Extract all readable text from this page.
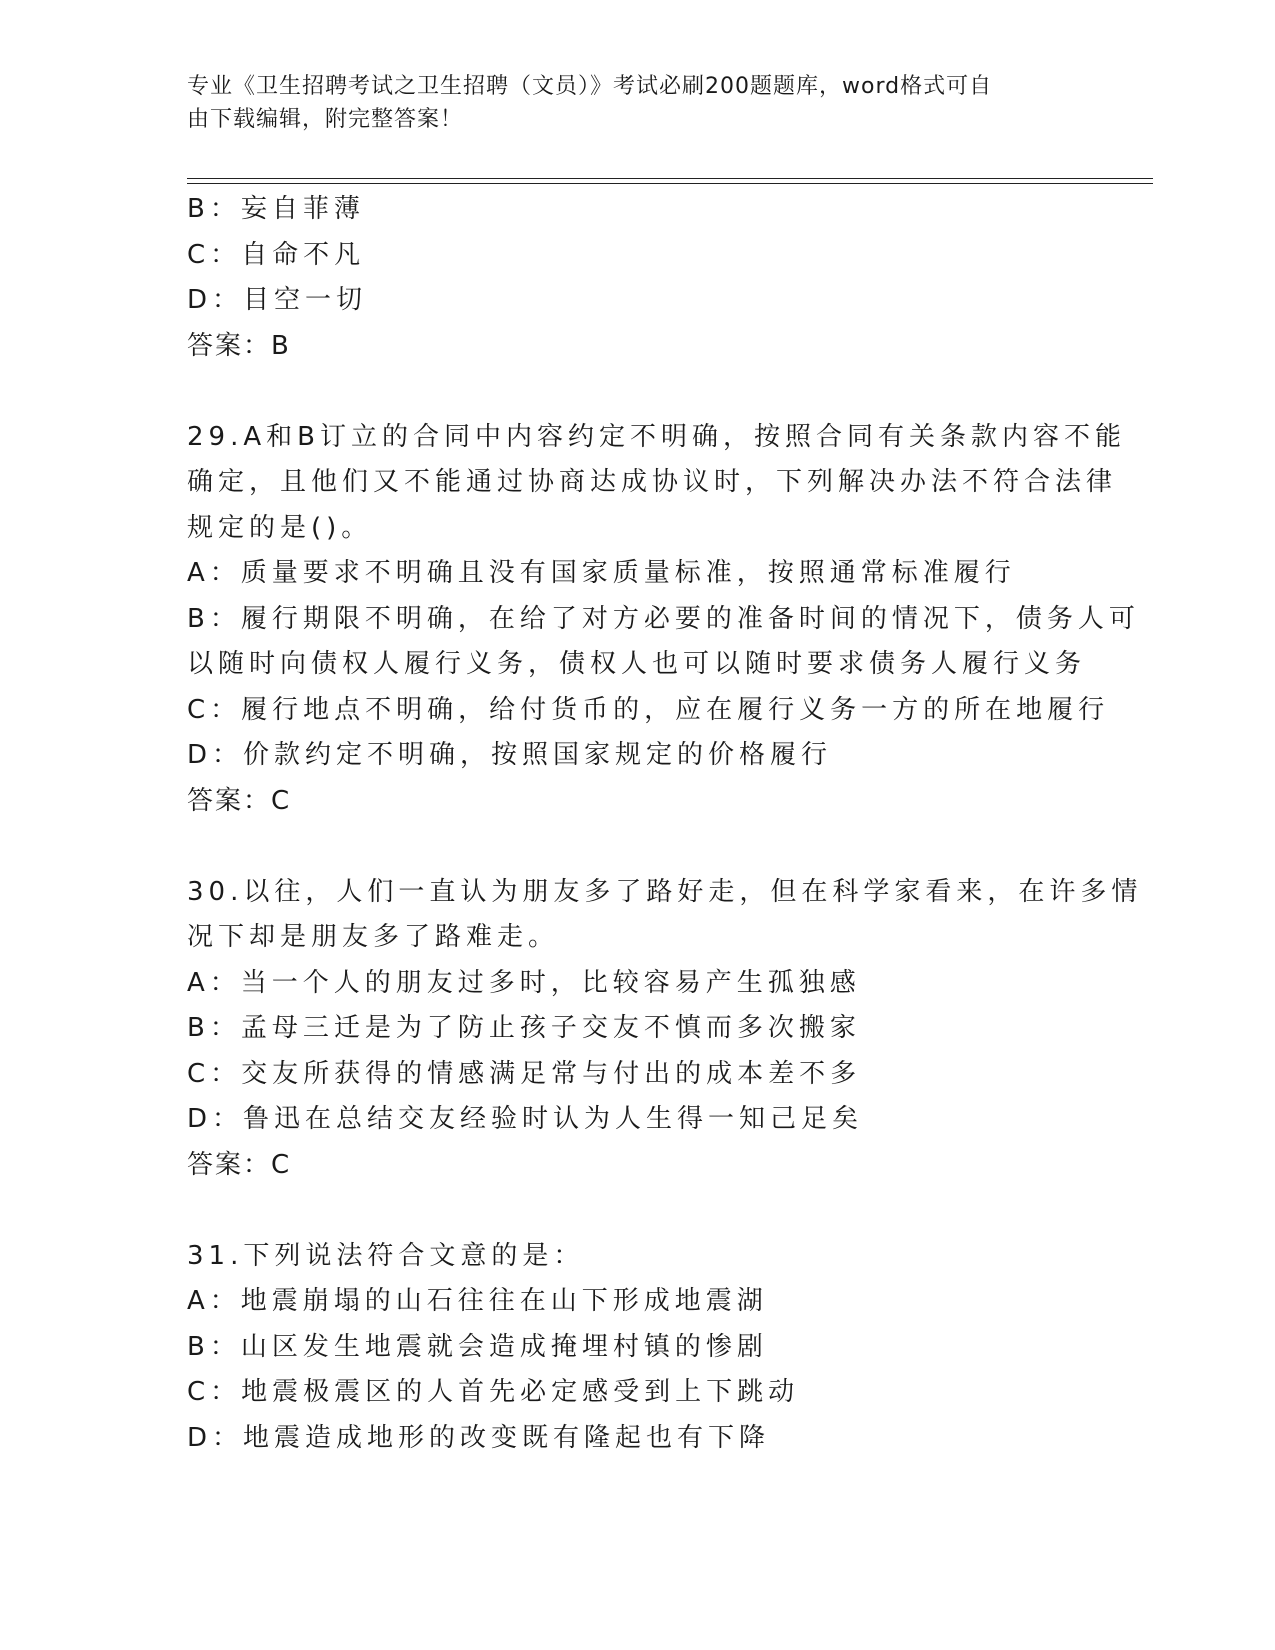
专业《卫生招聘考试之卫生招聘（文员）》考试必刷200题题库，word格式可自
由下载编辑，附完整答案！
B：妄自菲薄
C：自命不凡
D：目空一切
答案：B
29.A和B订立的合同中内容约定不明确，按照合同有关条款内容不能
确定，且他们又不能通过协商达成协议时，下列解决办法不符合法律
规定的是()。
A：质量要求不明确且没有国家质量标准，按照通常标准履行
B：履行期限不明确，在给了对方必要的准备时间的情况下，债务人可
以随时向债权人履行义务，债权人也可以随时要求债务人履行义务
C：履行地点不明确，给付货币的，应在履行义务一方的所在地履行
D：价款约定不明确，按照国家规定的价格履行
答案：C
30.以往，人们一直认为朋友多了路好走，但在科学家看来，在许多情
况下却是朋友多了路难走。
A：当一个人的朋友过多时，比较容易产生孤独感
B：孟母三迁是为了防止孩子交友不慎而多次搬家
C：交友所获得的情感满足常与付出的成本差不多
D：鲁迅在总结交友经验时认为人生得一知己足矣
答案：C
31.下列说法符合文意的是：
A：地震崩塌的山石往往在山下形成地震湖
B：山区发生地震就会造成掩埋村镇的惨剧
C：地震极震区的人首先必定感受到上下跳动
D：地震造成地形的改变既有隆起也有下降
